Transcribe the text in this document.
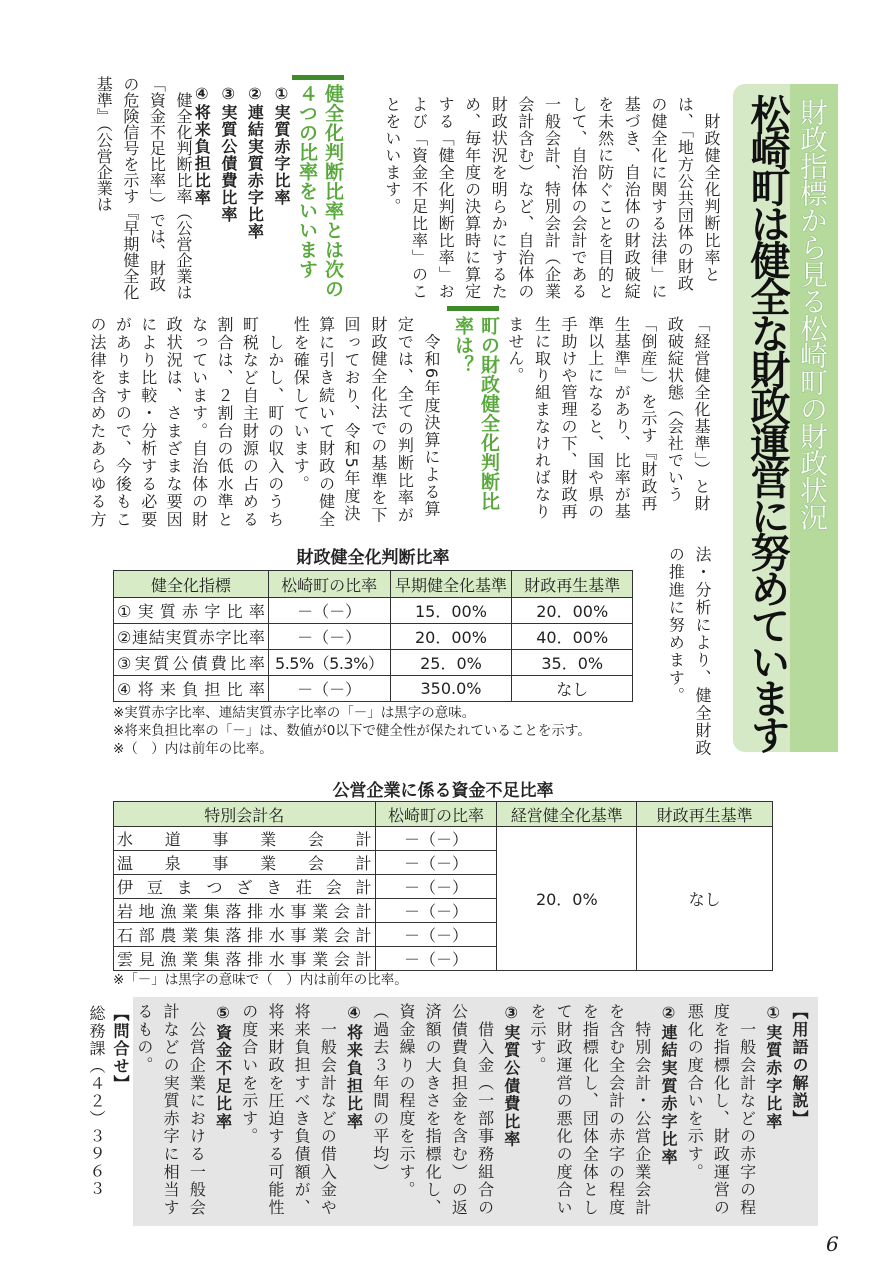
財政指標から見る松崎町の財政状況
松崎町は健全な財政運営に努めています
　財政健全化判断比率とは、「地方公共団体の財政の健全化に関する法律」に基づき、自治体の財政破綻を未然に防ぐことを目的として、自治体の会計である一般会計、特別会計（企業会計含む）など、自治体の財政状況を明らかにするため、毎年度の決算時に算定する「健全化判断比率」および「資金不足比率」のことをいいます。
健全化判断比率とは次の４つの比率をいいます

①実質赤字比率

②連結実質赤字比率

③実質公債費比率

④将来負担比率

　健全化判断比率（公営企業は「資金不足比率」）では、財政の危険信号を示す『早期健全化基準』（公営企業は
「経営健全化基準」）と財政破綻状態（会社でいう「倒産」）を示す『財政再生基準』があり、比率が基準以上になると、国や県の手助けや管理の下、財政再生に取り組まなければなりません。
町の財政健全化判断比率は？
　令和6年度決算による算定では、全ての判断比率が財政健全化法での基準を下

回っており、令和5年度決算に引き続いて財政の健全性を確保しています。

　しかし、町の収入のうち町税など自主財源の占める割合は、２割台の低水準となっています。自治体の財政状況は、さまざまな要因により比較・分析する必要がありますので、今後もこの法律を含めたあらゆる方

法・分析により、健全財政の推進に努めます。
財政健全化判断比率
健全化指標	松崎町の比率	早期健全化基準	財政再生基準
①実質赤字比率	－（－）	15．00%	20．00%
②連結実質赤字比率	－（－）	20．00%	40．00%
③実質公債費比率	5.5%（5.3%）	25．0%	35．0%
④将来負担比率	－（－）	350.0%	なし
※実質赤字比率、連結実質赤字比率の「－」は黒字の意味。
※将来負担比率の「－」は、数値が0以下で健全性が保たれていることを示す。
※（　）内は前年の比率。
公営企業に係る資金不足比率
特別会計名	松崎町の比率	経営健全化基準	財政再生基準
水道事業会計	－（－）	20．0%	なし
温泉事業会計	－（－）		
伊豆まつざき荘会計	－（－）		
岩地漁業集落排水事業会計	－（－）		
石部農業集落排水事業会計	－（－）		
雲見漁業集落排水事業会計	－（－）		
※「－」は黒字の意味で（　）内は前年の比率。

【用語の解説】

①実質赤字比率

　一般会計などの赤字の程度を指標化し、財政運営の悪化の度合いを示す。

②連結実質赤字比率

　特別会計・公営企業会計を含む全会計の赤字の程度を指標化し、団体全体として財政運営の悪化の度合いを示す。

③実質公債費比率

　借入金（一部事務組合の公債費負担金を含む）の返済額の大きさを指標化し、資金繰りの程度を示す。（過去３年間の平均）

④将来負担比率

　一般会計などの借入金や将来負担すべき負債額が、将来財政を圧迫する可能性の度合いを示す。

⑤資金不足比率

　公営企業における一般会計などの実質赤字に相当するもの。

【問合せ】

総務課（４２）３９６３

6
